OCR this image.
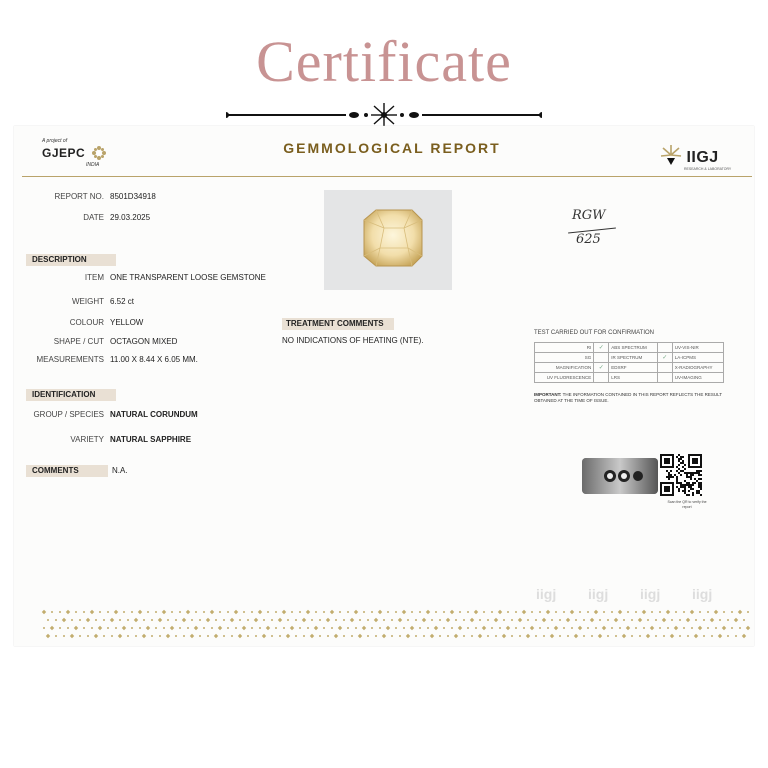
Certificate
A project of
GJEPC
INDIA
GEMMOLOGICAL REPORT
IIGJ
RESEARCH & LABORATORY
REPORT NO. 8501D34918
DATE 29.03.2025
DESCRIPTION
ITEM ONE TRANSPARENT LOOSE GEMSTONE
WEIGHT 6.52 ct
COLOUR YELLOW
SHAPE / CUT OCTAGON MIXED
MEASUREMENTS 11.00 X 8.44 X 6.05 MM.
IDENTIFICATION
GROUP / SPECIES NATURAL CORUNDUM
VARIETY NATURAL SAPPHIRE
COMMENTS	N.A.
RGW
625
TREATMENT COMMENTS
NO INDICATIONS OF HEATING (NTE).
TEST CARRIED OUT FOR CONFIRMATION
RI	✓	ABS SPECTRUM		UV-VIS-NIR
SG		IR SPECTRUM	✓	LA-ICPMS
MAGNIFICATION	✓	EDXRF		X-RADIOGRAPHY
UV FLUORESCENCE		LRS		UV-IMAGING
IMPORTANT: THE INFORMATION CONTAINED IN THIS REPORT REFLECTS THE RESULT OBTAINED AT THE TIME OF ISSUE.
Scan the QR to verify the report
iigj iigj iigj iigj
